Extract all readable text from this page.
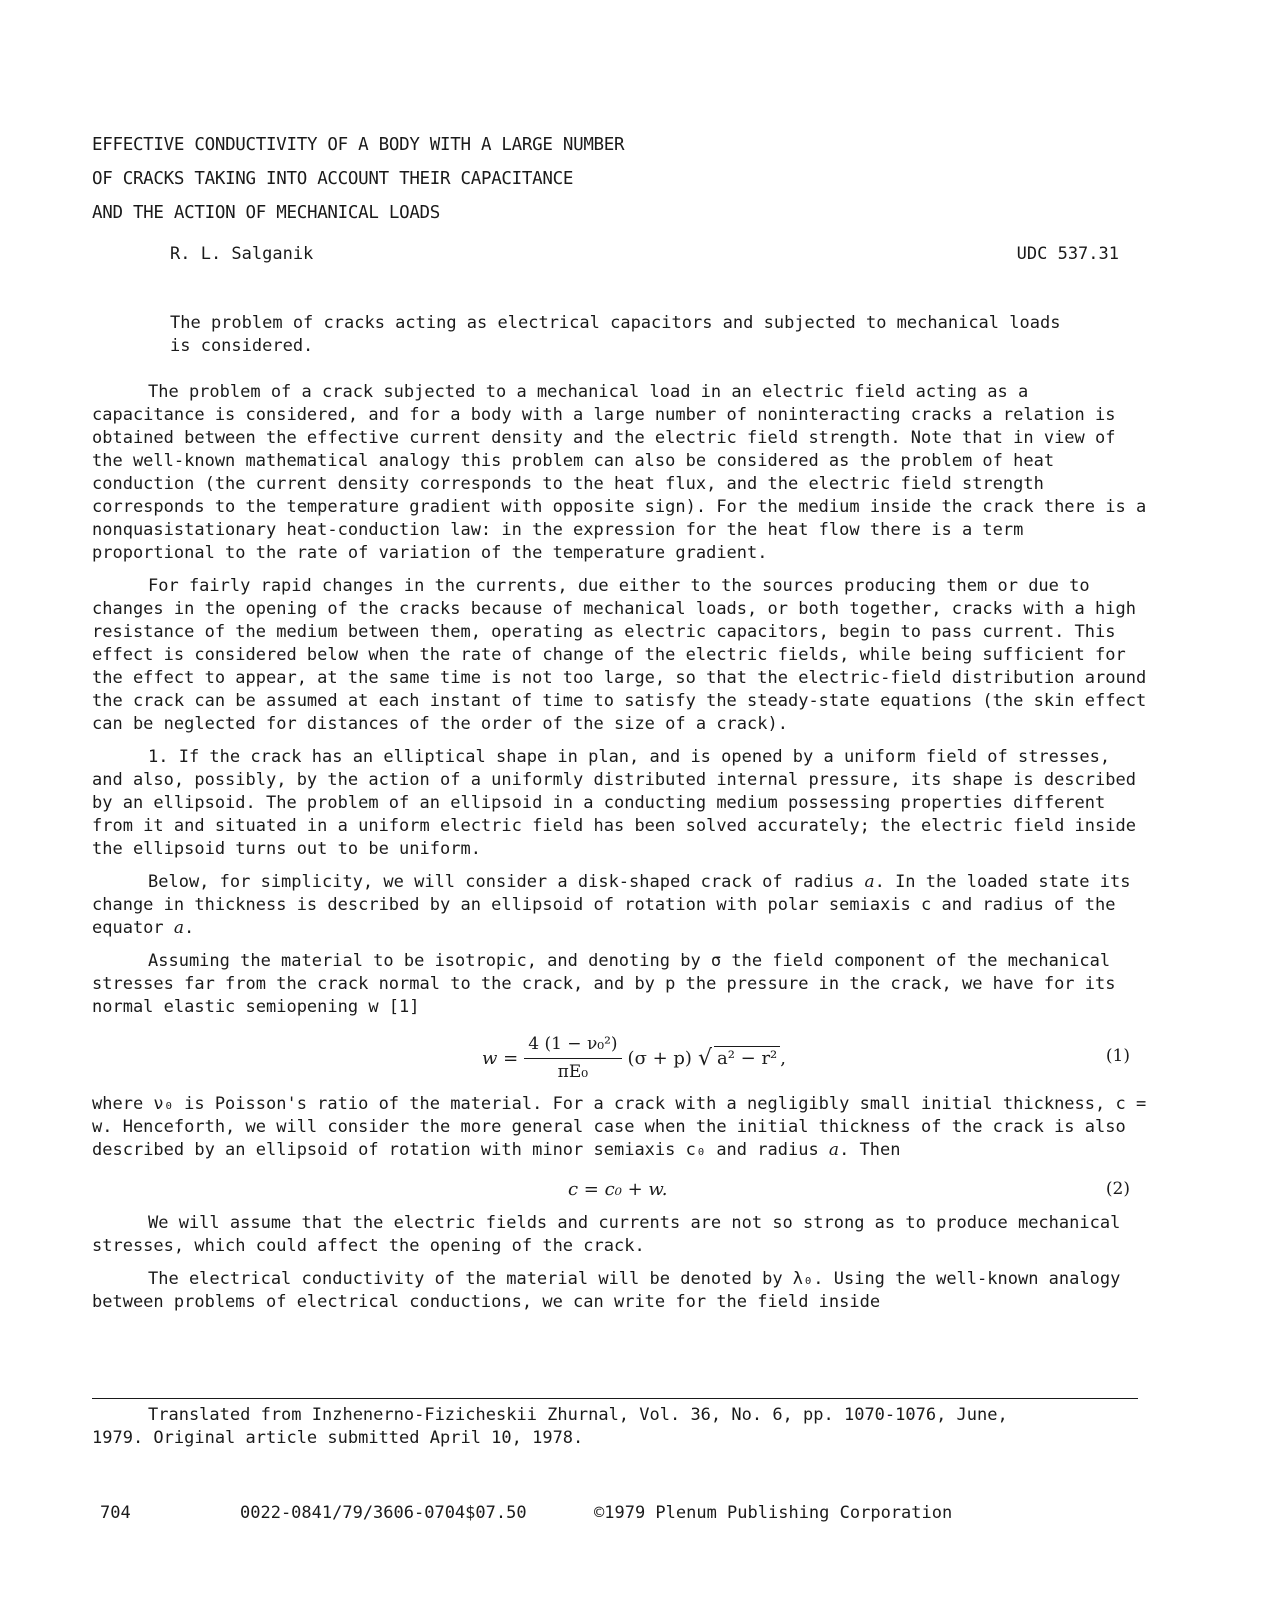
EFFECTIVE CONDUCTIVITY OF A BODY WITH A LARGE NUMBER
OF CRACKS TAKING INTO ACCOUNT THEIR CAPACITANCE
AND THE ACTION OF MECHANICAL LOADS
R. L. Salganik	UDC 537.31
The problem of cracks acting as electrical capacitors and subjected to mechanical loads is considered.

The problem of a crack subjected to a mechanical load in an electric field acting as a capacitance is considered, and for a body with a large number of noninteracting cracks a relation is obtained between the effective current density and the electric field strength. Note that in view of the well-known mathematical analogy this problem can also be considered as the problem of heat conduction (the current density corresponds to the heat flux, and the electric field strength corresponds to the temperature gradient with opposite sign). For the medium inside the crack there is a nonquasistationary heat-conduction law: in the expression for the heat flow there is a term proportional to the rate of variation of the temperature gradient.

For fairly rapid changes in the currents, due either to the sources producing them or due to changes in the opening of the cracks because of mechanical loads, or both together, cracks with a high resistance of the medium between them, operating as electric capacitors, begin to pass current. This effect is considered below when the rate of change of the electric fields, while being sufficient for the effect to appear, at the same time is not too large, so that the electric-field distribution around the crack can be assumed at each instant of time to satisfy the steady-state equations (the skin effect can be neglected for distances of the order of the size of a crack).

1. If the crack has an elliptical shape in plan, and is opened by a uniform field of stresses, and also, possibly, by the action of a uniformly distributed internal pressure, its shape is described by an ellipsoid. The problem of an ellipsoid in a conducting medium possessing properties different from it and situated in a uniform electric field has been solved accurately; the electric field inside the ellipsoid turns out to be uniform.

Below, for simplicity, we will consider a disk-shaped crack of radius a. In the loaded state its change in thickness is described by an ellipsoid of rotation with polar semiaxis c and radius of the equator a.

Assuming the material to be isotropic, and denoting by σ the field component of the mechanical stresses far from the crack normal to the crack, and by p the pressure in the crack, we have for its normal elastic semiopening w [1]

$w = \frac{\text{4 (1 − ν₀²)}}{\text{πE₀}} (\sigma + p)$ √ a² − r² ,	(1)

where ν₀ is Poisson's ratio of the material. For a crack with a negligibly small initial thickness, c = w. Henceforth, we will consider the more general case when the initial thickness of the crack is also described by an ellipsoid of rotation with minor semiaxis c₀ and radius a. Then

c = c₀ + w.	(2)

We will assume that the electric fields and currents are not so strong as to produce mechanical stresses, which could affect the opening of the crack.

The electrical conductivity of the material will be denoted by λ₀. Using the well-known analogy between problems of electrical conductions, we can write for the field inside

Translated from Inzhenerno-Fizicheskii Zhurnal, Vol. 36, No. 6, pp. 1070-1076, June,
1979. Original article submitted April 10, 1978.
704	0022-0841/79/3606-0704$07.50	©1979 Plenum Publishing Corporation
